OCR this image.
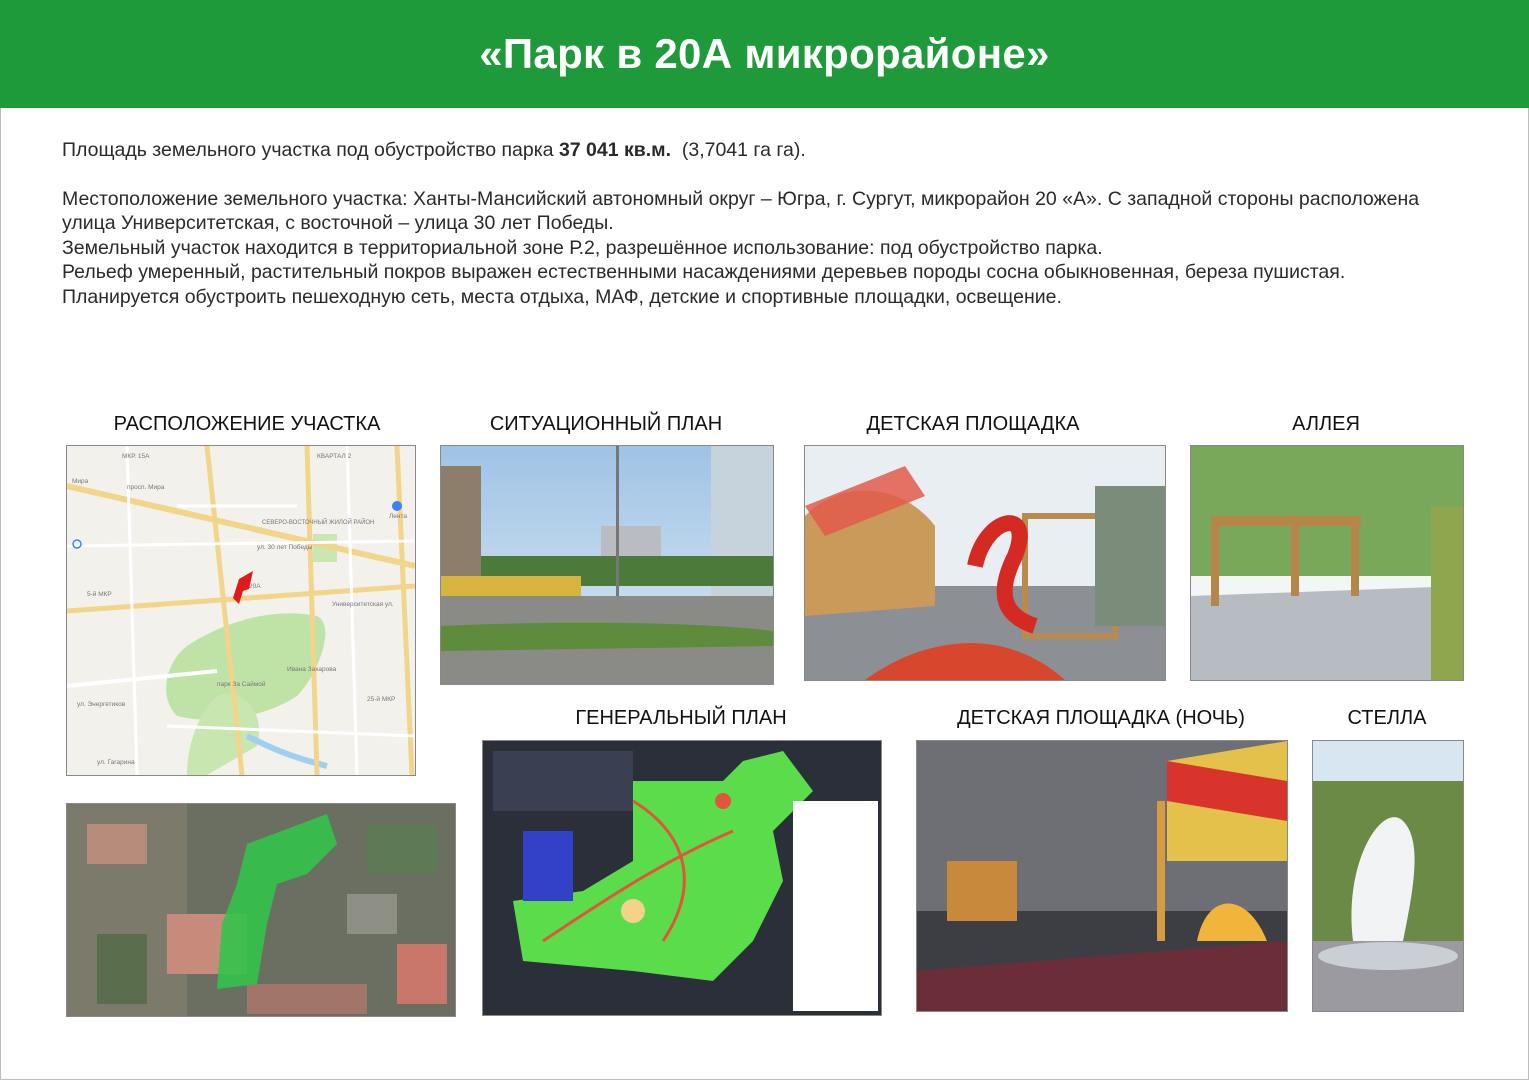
«Парк в 20А микрорайоне»

Площадь земельного участка под обустройство парка 37 041 кв.м.  (3,7041 га га).

Местоположение земельного участка: Ханты-Мансийский автономный округ – Югра, г. Сургут, микрорайон 20 «А». С западной стороны расположена улица Университетская, с восточной – улица 30 лет Победы.

Земельный участок находится в территориальной зоне Р.2, разрешённое использование: под обустройство парка.

Рельеф умеренный, растительный покров выражен естественными насаждениями деревьев породы сосна обыкновенная, береза пушистая.

Планируется обустроить пешеходную сеть, места отдыха, МАФ, детские и спортивные площадки, освещение.

РАСПОЛОЖЕНИЕ УЧАСТКА	СИТУАЦИОННЫЙ ПЛАН	ДЕТСКАЯ ПЛОЩАДКА	АЛЛЕЯ
ГЕНЕРАЛЬНЫЙ ПЛАН	ДЕТСКАЯ ПЛОЩАДКА (НОЧЬ)	СТЕЛЛА
МКР. 15А	КВАРТАЛ 2
просп. Мира
Мира
СЕВЕРО-ВОСТОЧНЫЙ ЖИЛОЙ РАЙОН
ул. 30 лет Победы
Университетская ул.
ул. Энергетиков
парк За Саймой
Лента
20А
5-й МКР
25-й МКР
Ивана Захарова
ул. Гагарина
